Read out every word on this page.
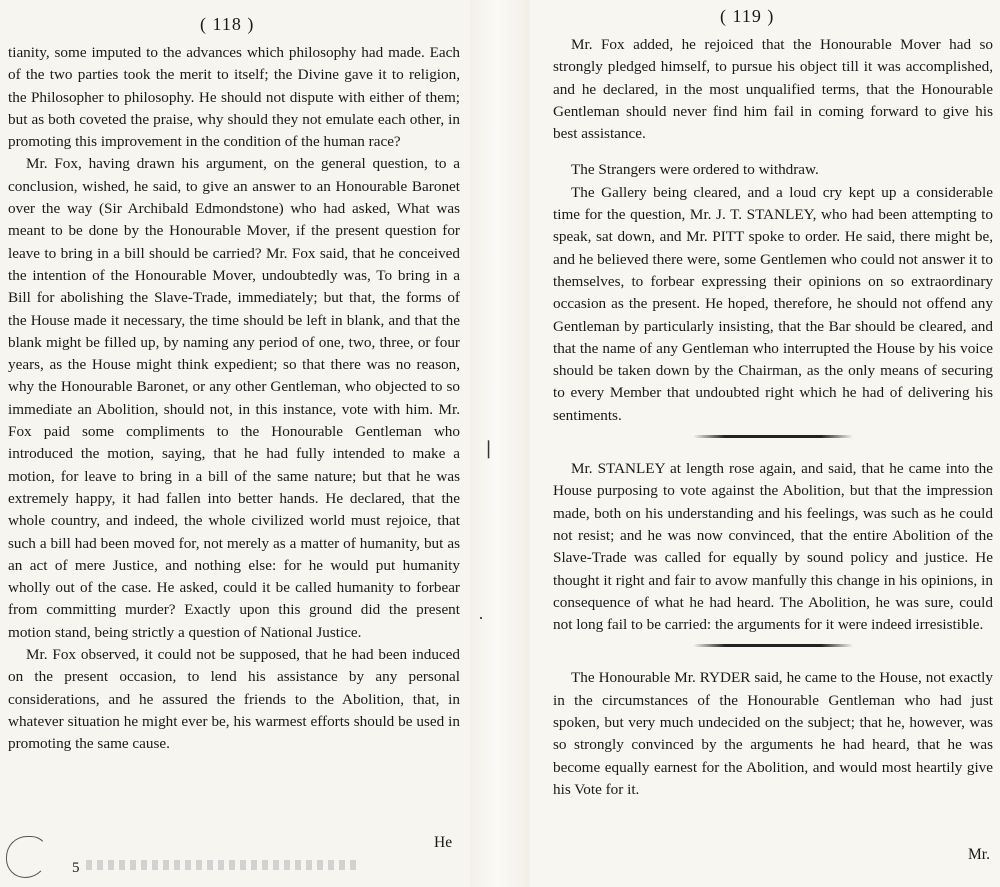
( 118 )	( 119 )

tianity, some imputed to the advances which philosophy had made. Each of the two parties took the merit to itself; the Divine gave it to religion, the Philosopher to philosophy. He should not dispute with either of them; but as both coveted the praise, why should they not emulate each other, in promoting this improvement in the condition of the human race?

Mr. Fox, having drawn his argument, on the general question, to a conclusion, wished, he said, to give an answer to an Honourable Baronet over the way (Sir Archibald Edmondstone) who had asked, What was meant to be done by the Honourable Mover, if the present question for leave to bring in a bill should be carried? Mr. Fox said, that he conceived the intention of the Honourable Mover, undoubtedly was, To bring in a Bill for abolishing the Slave-Trade, immediately; but that, the forms of the House made it necessary, the time should be left in blank, and that the blank might be filled up, by naming any period of one, two, three, or four years, as the House might think expedient; so that there was no reason, why the Honourable Baronet, or any other Gentleman, who objected to so immediate an Abolition, should not, in this instance, vote with him. Mr. Fox paid some compliments to the Honourable Gentleman who introduced the motion, saying, that he had fully intended to make a motion, for leave to bring in a bill of the same nature; but that he was extremely happy, it had fallen into better hands. He declared, that the whole country, and indeed, the whole civilized world must rejoice, that such a bill had been moved for, not merely as a matter of humanity, but as an act of mere Justice, and nothing else: for he would put humanity wholly out of the case. He asked, could it be called humanity to forbear from committing murder? Exactly upon this ground did the present motion stand, being strictly a question of National Justice.

Mr. Fox observed, it could not be supposed, that he had been induced on the present occasion, to lend his assistance by any personal considerations, and he assured the friends to the Abolition, that, in whatever situation he might ever be, his warmest efforts should be used in promoting the same cause.

Mr. Fox added, he rejoiced that the Honourable Mover had so strongly pledged himself, to pursue his object till it was accomplished, and he declared, in the most unqualified terms, that the Honourable Gentleman should never find him fail in coming forward to give his best assistance.

The Strangers were ordered to withdraw.

The Gallery being cleared, and a loud cry kept up a considerable time for the question, Mr. J. T. STANLEY, who had been attempting to speak, sat down, and Mr. PITT spoke to order. He said, there might be, and he believed there were, some Gentlemen who could not answer it to themselves, to forbear expressing their opinions on so extraordinary occasion as the present. He hoped, therefore, he should not offend any Gentleman by particularly insisting, that the Bar should be cleared, and that the name of any Gentleman who interrupted the House by his voice should be taken down by the Chairman, as the only means of securing to every Member that undoubted right which he had of delivering his sentiments.

Mr. STANLEY at length rose again, and said, that he came into the House purposing to vote against the Abolition, but that the impression made, both on his understanding and his feelings, was such as he could not resist; and he was now convinced, that the entire Abolition of the Slave-Trade was called for equally by sound policy and justice. He thought it right and fair to avow manfully this change in his opinions, in consequence of what he had heard. The Abolition, he was sure, could not long fail to be carried: the arguments for it were indeed irresistible.

The Honourable Mr. RYDER said, he came to the House, not exactly in the circumstances of the Honourable Gentleman who had just spoken, but very much undecided on the subject; that he, however, was so strongly convinced by the arguments he had heard, that he was become equally earnest for the Abolition, and would most heartily give his Vote for it.

He
Mr.
5
❘
·
